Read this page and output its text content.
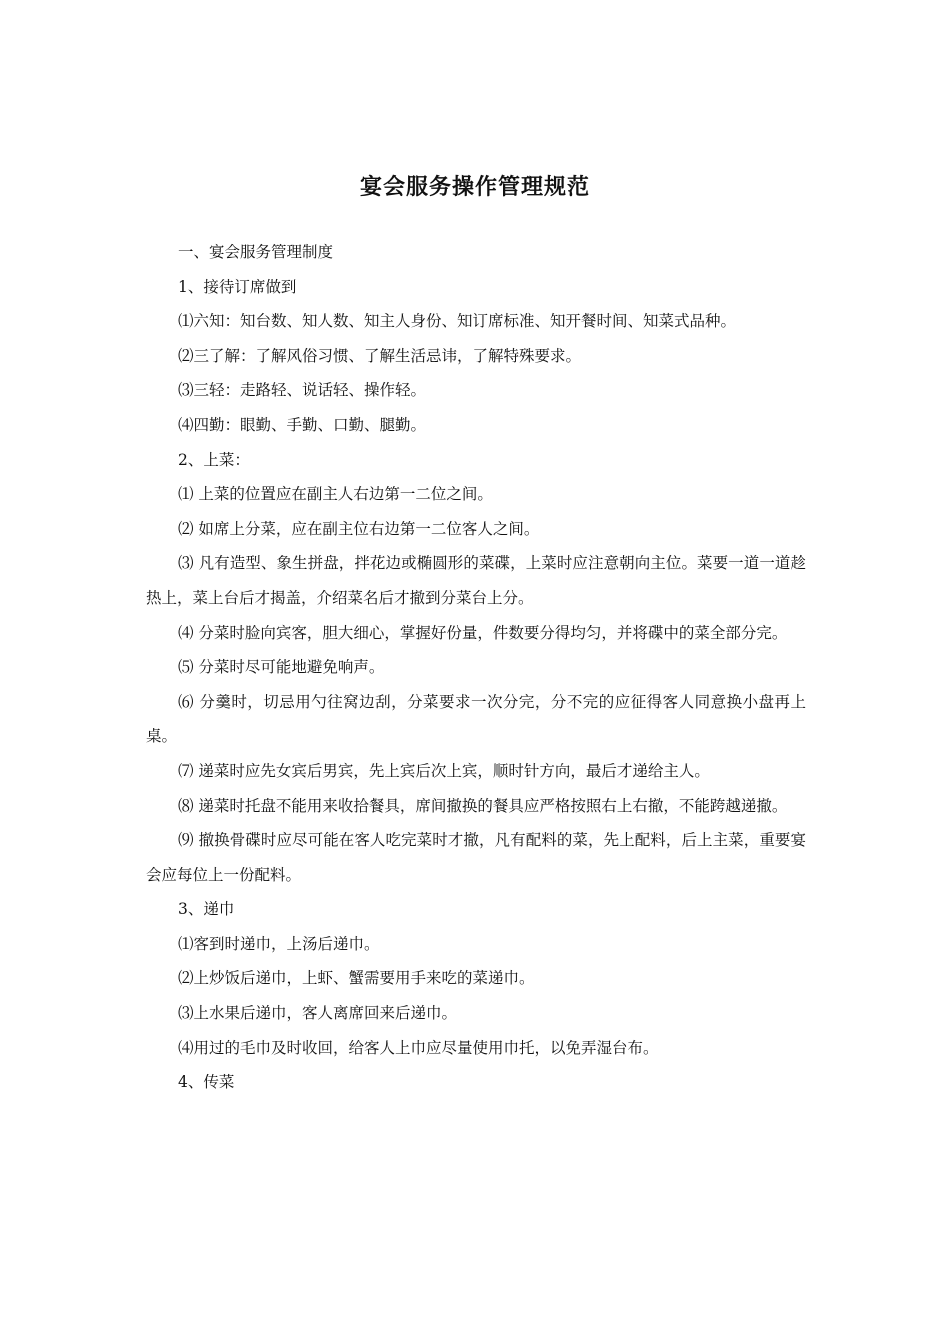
宴会服务操作管理规范

一、宴会服务管理制度

1、接待订席做到

⑴六知：知台数、知人数、知主人身份、知订席标准、知开餐时间、知菜式品种。

⑵三了解：了解风俗习惯、了解生活忌讳，了解特殊要求。

⑶三轻：走路轻、说话轻、操作轻。

⑷四勤：眼勤、手勤、口勤、腿勤。

2、上菜：

⑴ 上菜的位置应在副主人右边第一二位之间。

⑵ 如席上分菜，应在副主位右边第一二位客人之间。

⑶ 凡有造型、象生拼盘，拌花边或椭圆形的菜碟，上菜时应注意朝向主位。菜要一道一道趁热上，菜上台后才揭盖，介绍菜名后才撤到分菜台上分。

⑷ 分菜时脸向宾客，胆大细心，掌握好份量，件数要分得均匀，并将碟中的菜全部分完。

⑸ 分菜时尽可能地避免响声。

⑹ 分羹时，切忌用勺往窝边刮，分菜要求一次分完，分不完的应征得客人同意换小盘再上桌。

⑺ 递菜时应先女宾后男宾，先上宾后次上宾，顺时针方向，最后才递给主人。

⑻ 递菜时托盘不能用来收拾餐具，席间撤换的餐具应严格按照右上右撤，不能跨越递撤。

⑼ 撤换骨碟时应尽可能在客人吃完菜时才撤，凡有配料的菜，先上配料，后上主菜，重要宴会应每位上一份配料。

3、递巾

⑴客到时递巾，上汤后递巾。

⑵上炒饭后递巾，上虾、蟹需要用手来吃的菜递巾。

⑶上水果后递巾，客人离席回来后递巾。

⑷用过的毛巾及时收回，给客人上巾应尽量使用巾托，以免弄湿台布。

4、传菜
